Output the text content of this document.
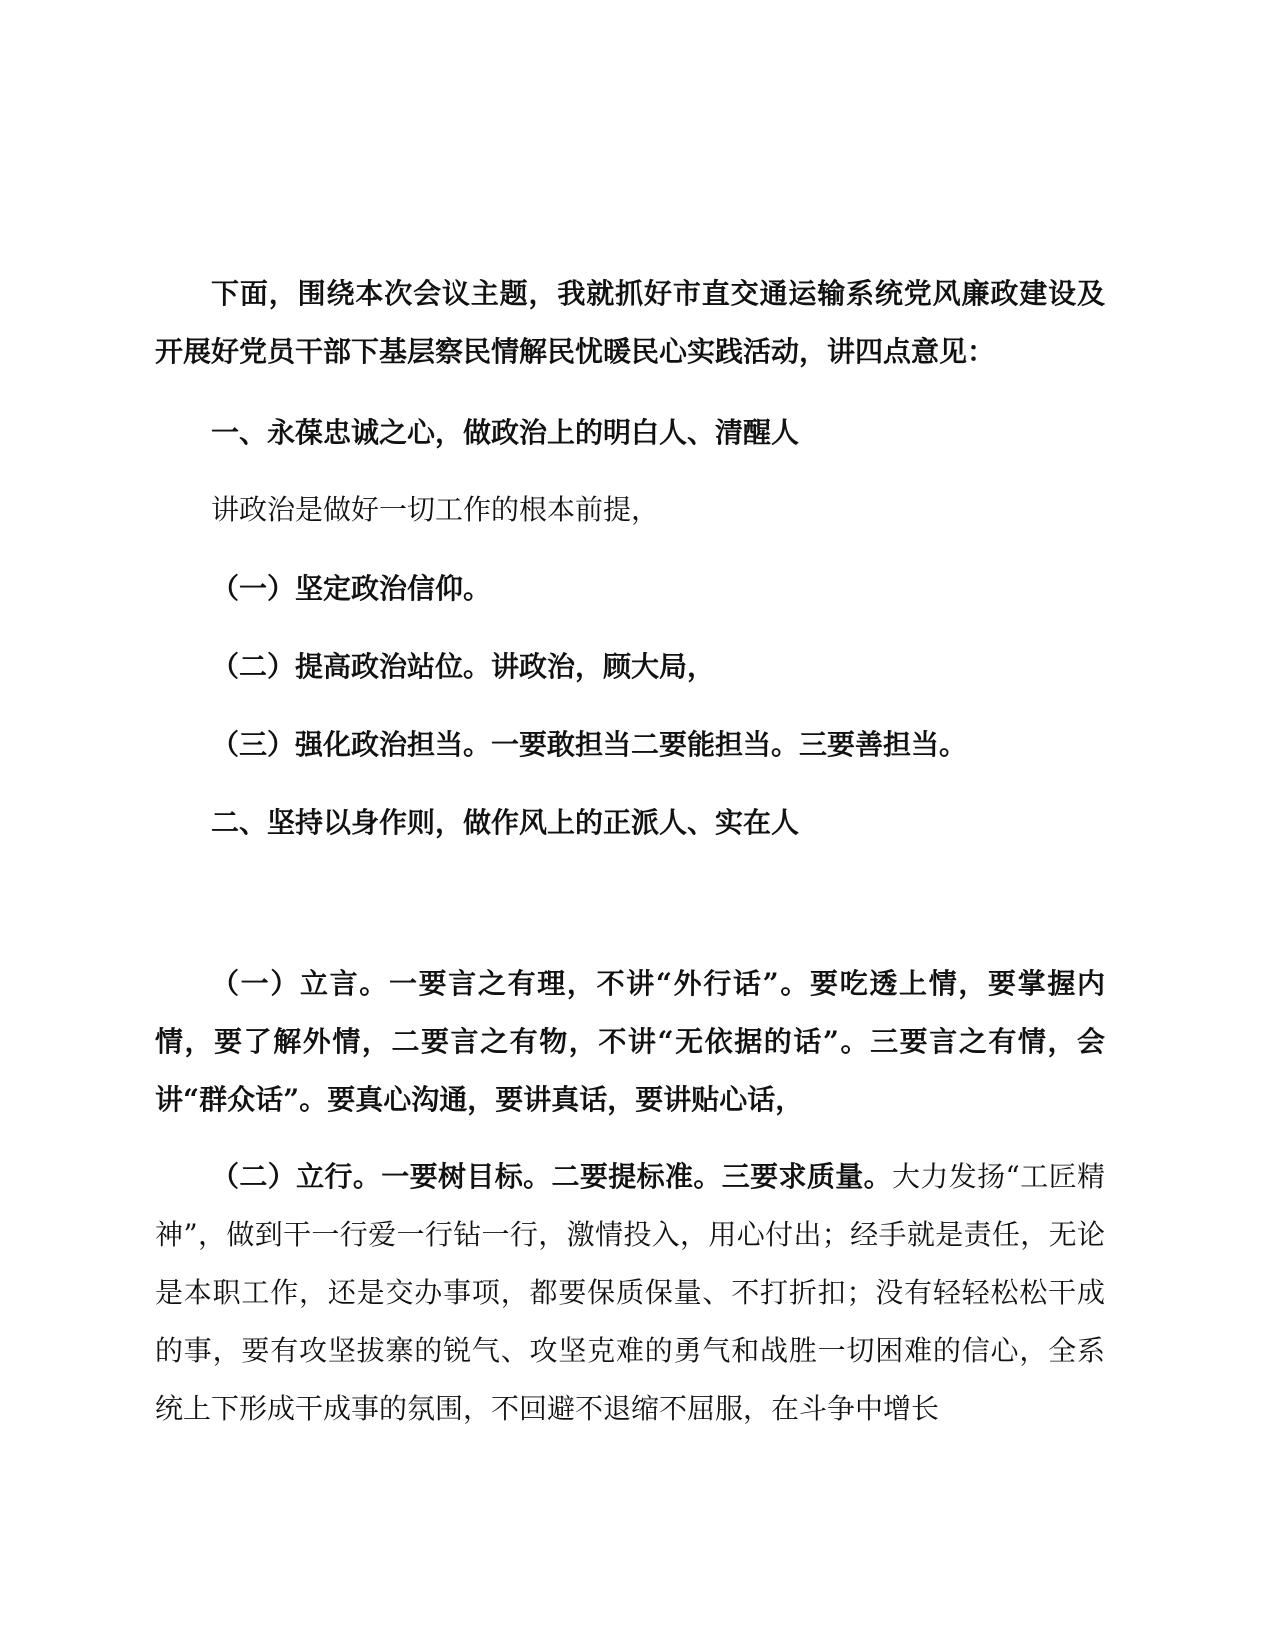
下面，围绕本次会议主题，我就抓好市直交通运输系统党风廉政建设及开展好党员干部下基层察民情解民忧暖民心实践活动，讲四点意见：

一、永葆忠诚之心，做政治上的明白人、清醒人

讲政治是做好一切工作的根本前提，

（一）坚定政治信仰。

（二）提高政治站位。讲政治，顾大局，

（三）强化政治担当。一要敢担当二要能担当。三要善担当。

二、坚持以身作则，做作风上的正派人、实在人

（一）立言。一要言之有理，不讲“外行话”。要吃透上情，要掌握内情，要了解外情，二要言之有物，不讲“无依据的话”。三要言之有情，会讲“群众话”。要真心沟通，要讲真话，要讲贴心话，

（二）立行。一要树目标。二要提标准。三要求质量。大力发扬“工匠精神”，做到干一行爱一行钻一行，激情投入，用心付出；经手就是责任，无论是本职工作，还是交办事项，都要保质保量、不打折扣；没有轻轻松松干成的事，要有攻坚拔寨的锐气、攻坚克难的勇气和战胜一切困难的信心，全系统上下形成干成事的氛围，不回避不退缩不屈服，在斗争中增长
